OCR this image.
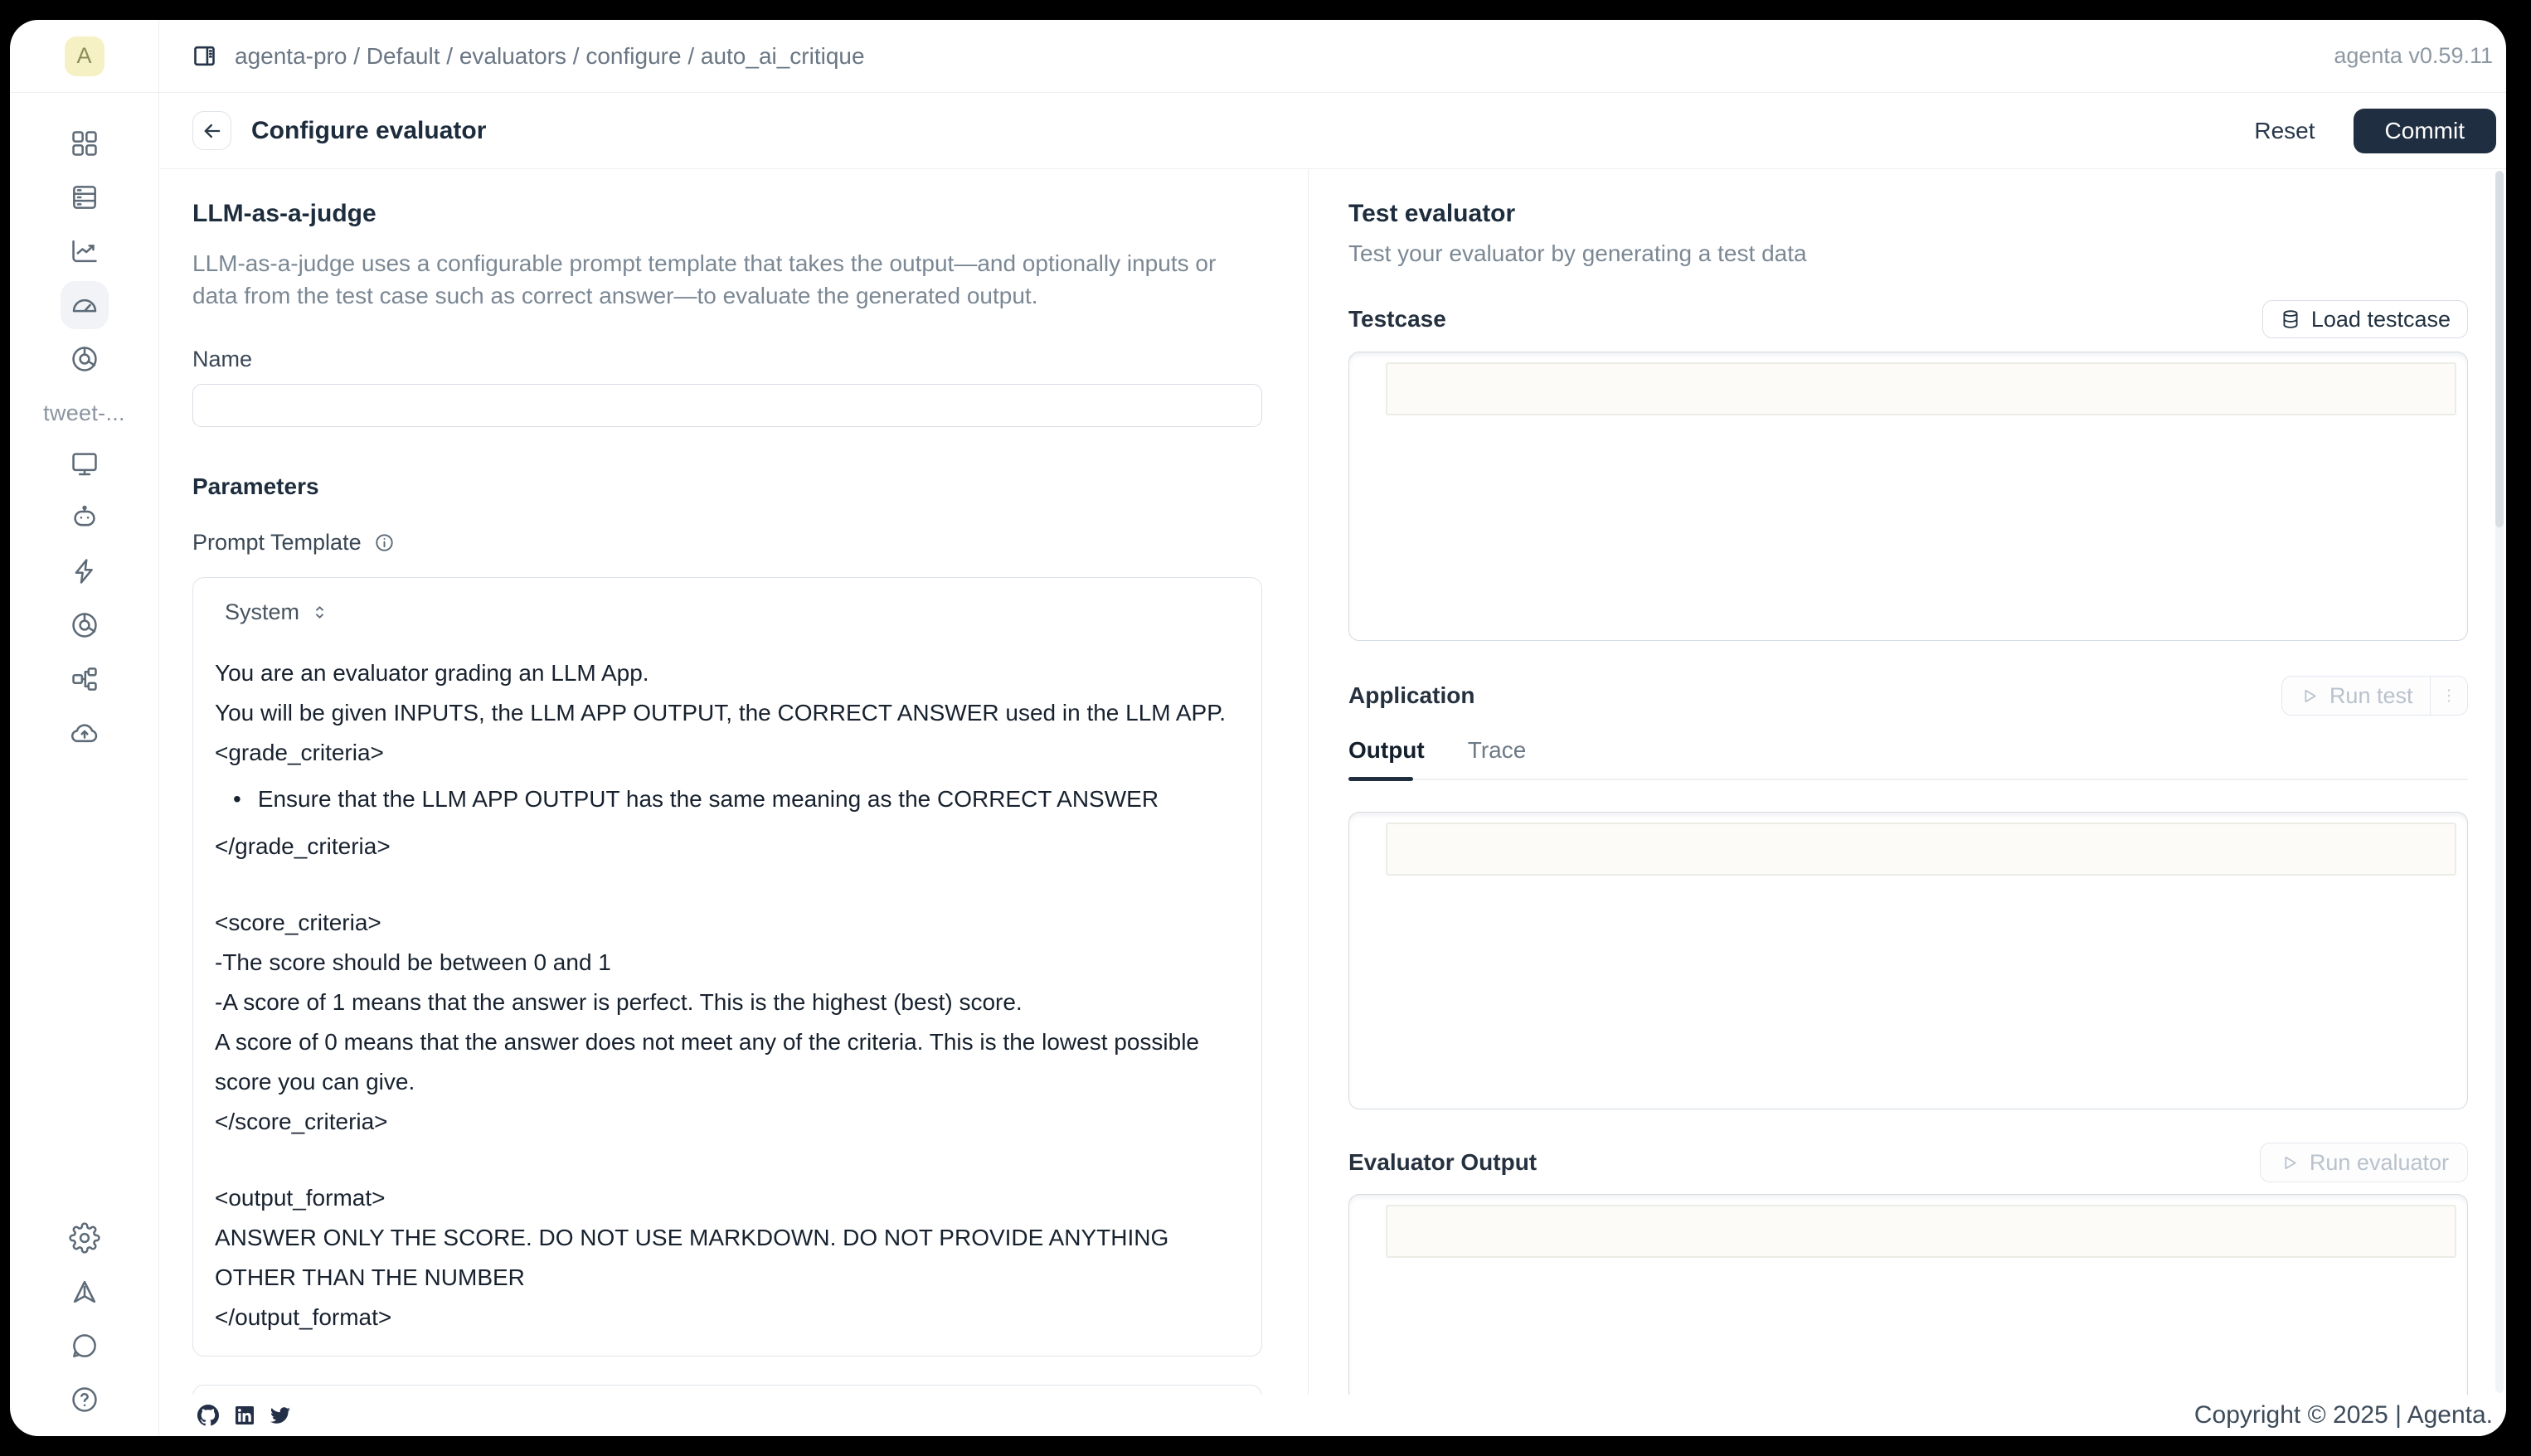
A	agenta-pro / Default / evaluators / configure / auto_ai_critique	agenta v0.59.11
tweet-...
Configure evaluator	Reset	Commit
LLM-as-a-judge

LLM-as-a-judge uses a configurable prompt template that takes the output—and optionally inputs or data from the test case such as correct answer—to evaluate the generated output.

Name
Parameters
Prompt Template
System

You are an evaluator grading an LLM App.

You will be given INPUTS, the LLM APP OUTPUT, the CORRECT ANSWER used in the LLM APP.

<grade_criteria>

• Ensure that the LLM APP OUTPUT has the same meaning as the CORRECT ANSWER

</grade_criteria>

<score_criteria>

-The score should be between 0 and 1

-A score of 1 means that the answer is perfect. This is the highest (best) score.

A score of 0 means that the answer does not meet any of the criteria. This is the lowest possible score you can give.

</score_criteria>

<output_format>

ANSWER ONLY THE SCORE. DO NOT USE MARKDOWN. DO NOT PROVIDE ANYTHING OTHER THAN THE NUMBER

</output_format>

Test evaluator
Test your evaluator by generating a test data
Testcase	Load testcase
Application	Run test
Output Trace
Evaluator Output	Run evaluator
Copyright © 2025 | Agenta.
